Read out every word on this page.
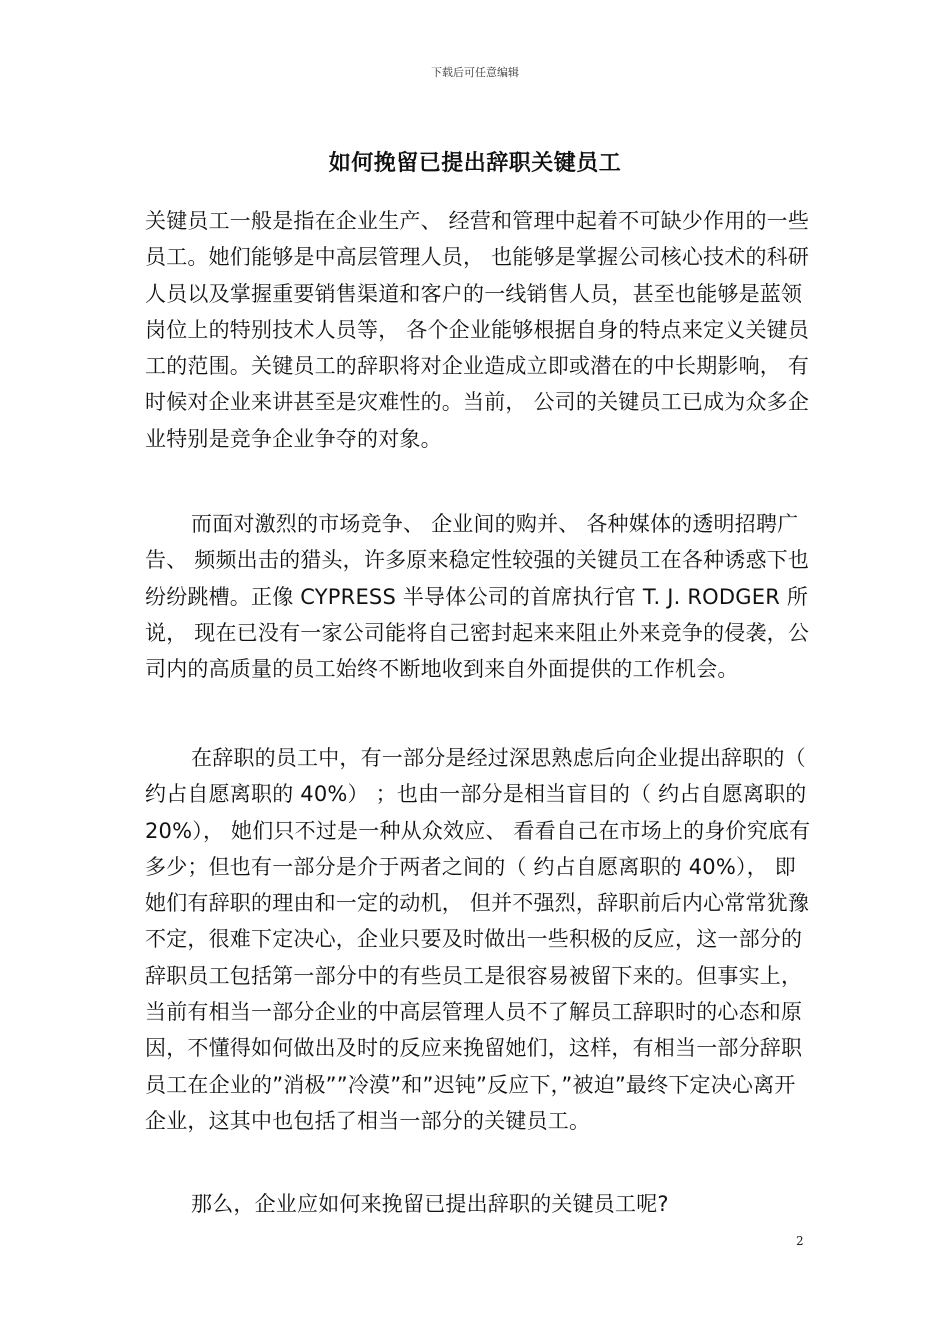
下载后可任意编辑
如何挽留已提出辞职关键员工

关键员工一般是指在企业生产、 经营和管理中起着不可缺少作用的一些员工。她们能够是中高层管理人员， 也能够是掌握公司核心技术的科研人员以及掌握重要销售渠道和客户的一线销售人员，甚至也能够是蓝领岗位上的特别技术人员等， 各个企业能够根据自身的特点来定义关键员工的范围。关键员工的辞职将对企业造成立即或潜在的中长期影响， 有时候对企业来讲甚至是灾难性的。当前， 公司的关键员工已成为众多企业特别是竞争企业争夺的对象。

而面对激烈的市场竞争、 企业间的购并、 各种媒体的透明招聘广告、 频频出击的猎头，许多原来稳定性较强的关键员工在各种诱惑下也纷纷跳槽。正像 CYPRESS 半导体公司的首席执行官 T. J. RODGER 所说， 现在已没有一家公司能将自己密封起来来阻止外来竞争的侵袭，公司内的高质量的员工始终不断地收到来自外面提供的工作机会。

在辞职的员工中，有一部分是经过深思熟虑后向企业提出辞职的（ 约占自愿离职的 40%） ；也由一部分是相当盲目的（ 约占自愿离职的 20%）， 她们只不过是一种从众效应、 看看自己在市场上的身价究底有多少；但也有一部分是介于两者之间的（ 约占自愿离职的 40%）， 即她们有辞职的理由和一定的动机， 但并不强烈，辞职前后内心常常犹豫不定，很难下定决心，企业只要及时做出一些积极的反应，这一部分的辞职员工包括第一部分中的有些员工是很容易被留下来的。但事实上，当前有相当一部分企业的中高层管理人员不了解员工辞职时的心态和原因，不懂得如何做出及时的反应来挽留她们，这样，有相当一部分辞职员工在企业的”消极””冷漠”和”迟钝”反应下，”被迫”最终下定决心离开企业，这其中也包括了相当一部分的关键员工。

那么，企业应如何来挽留已提出辞职的关键员工呢?

2
